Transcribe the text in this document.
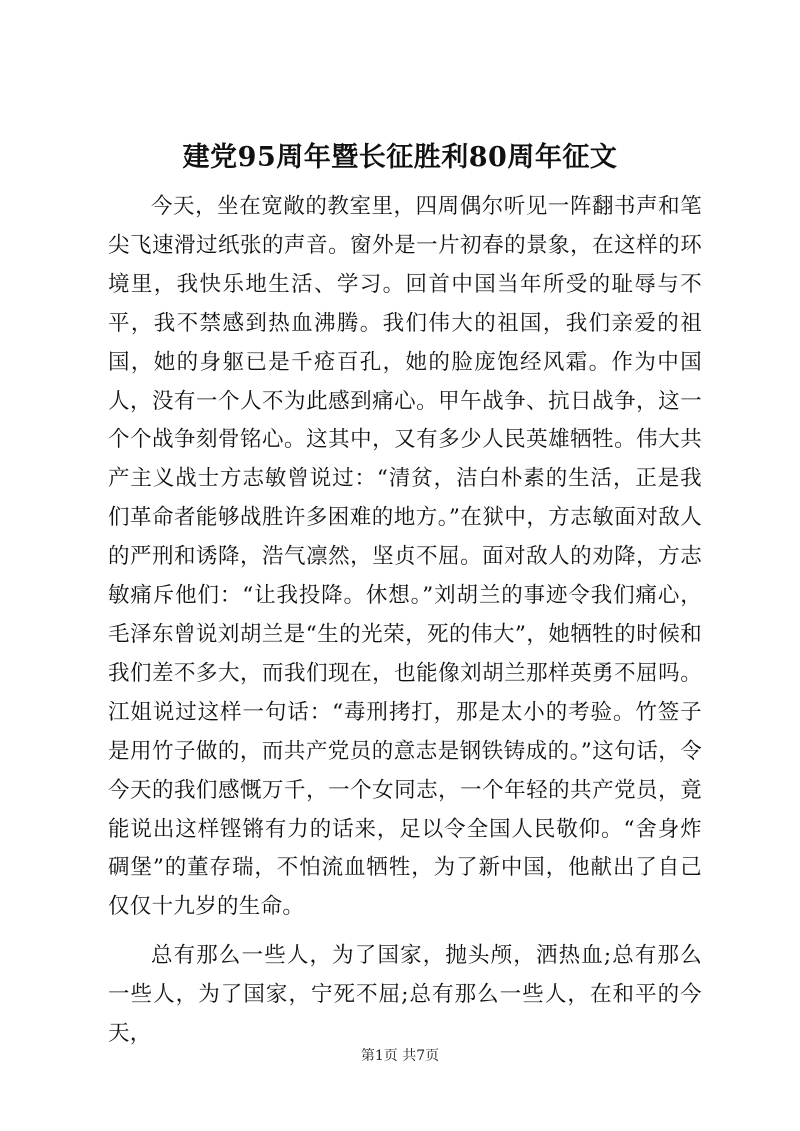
建党95周年暨长征胜利80周年征文

今天，坐在宽敞的教室里，四周偶尔听见一阵翻书声和笔尖飞速滑过纸张的声音。窗外是一片初春的景象，在这样的环境里，我快乐地生活、学习。回首中国当年所受的耻辱与不平，我不禁感到热血沸腾。我们伟大的祖国，我们亲爱的祖国，她的身躯已是千疮百孔，她的脸庞饱经风霜。作为中国人，没有一个人不为此感到痛心。甲午战争、抗日战争，这一个个战争刻骨铭心。这其中，又有多少人民英雄牺牲。伟大共产主义战士方志敏曾说过：“清贫，洁白朴素的生活，正是我们革命者能够战胜许多困难的地方。”在狱中，方志敏面对敌人的严刑和诱降，浩气凛然，坚贞不屈。面对敌人的劝降，方志敏痛斥他们：“让我投降。休想。”刘胡兰的事迹令我们痛心，毛泽东曾说刘胡兰是“生的光荣，死的伟大”，她牺牲的时候和我们差不多大，而我们现在，也能像刘胡兰那样英勇不屈吗。江姐说过这样一句话：“毒刑拷打，那是太小的考验。竹签子是用竹子做的，而共产党员的意志是钢铁铸成的。”这句话，令今天的我们感慨万千，一个女同志，一个年轻的共产党员，竟能说出这样铿锵有力的话来，足以令全国人民敬仰。“舍身炸碉堡”的董存瑞，不怕流血牺牲，为了新中国，他献出了自己仅仅十九岁的生命。

总有那么一些人，为了国家，抛头颅，洒热血;总有那么一些人，为了国家，宁死不屈;总有那么一些人，在和平的今天，

第1页 共7页
